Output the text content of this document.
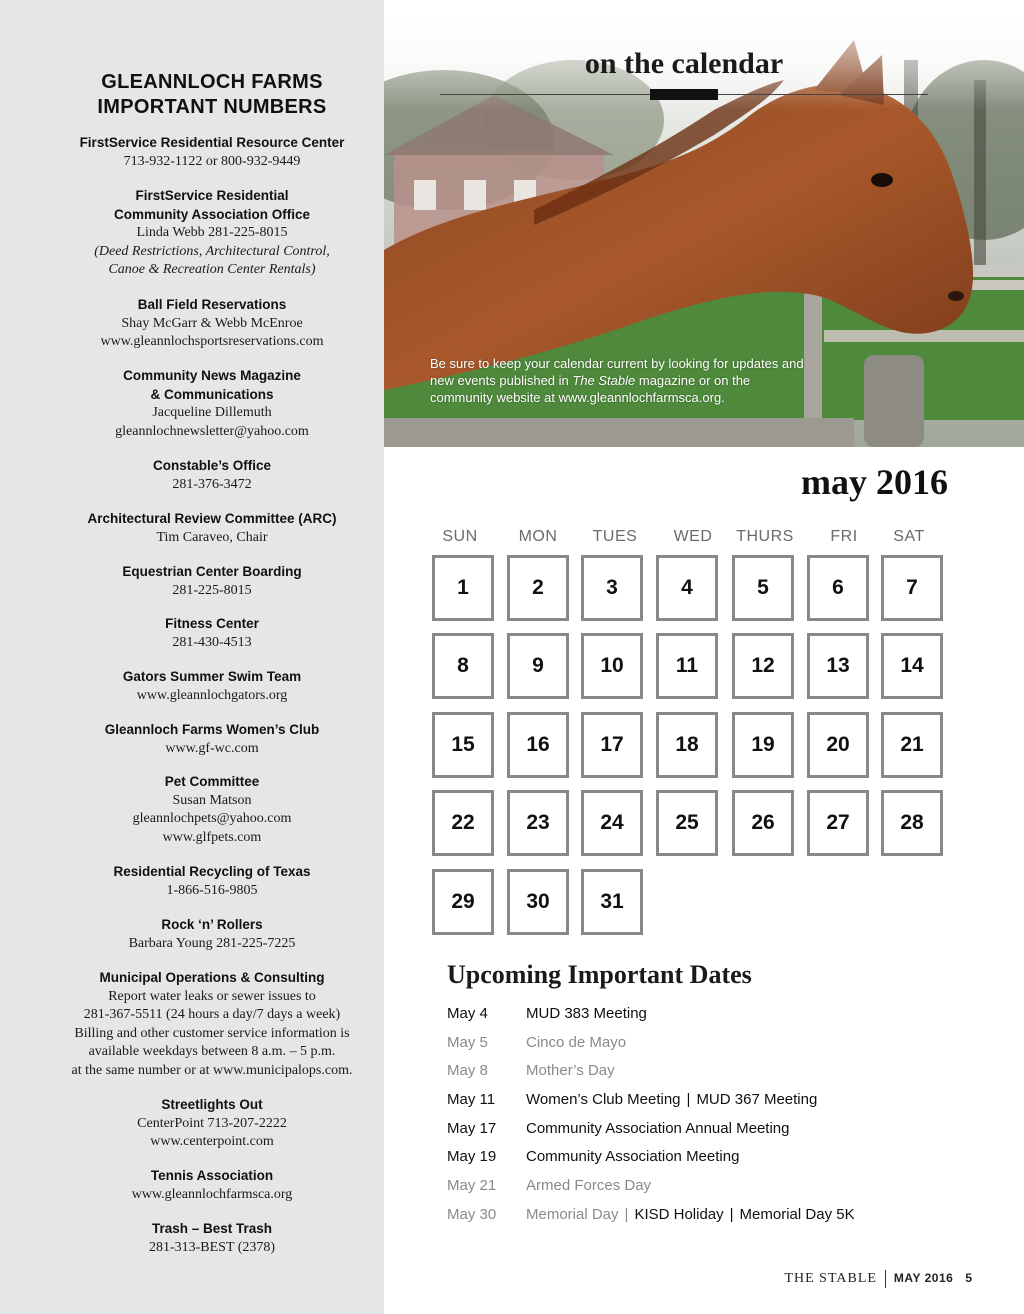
GLEANNLOCH FARMS
IMPORTANT NUMBERS
FirstService Residential Resource Center
713-932-1122 or 800-932-9449
FirstService Residential
Community Association Office
Linda Webb 281-225-8015
(Deed Restrictions, Architectural Control,
Canoe & Recreation Center Rentals)
Ball Field Reservations
Shay McGarr & Webb McEnroe
www.gleannlochsportsreservations.com
Community News Magazine
& Communications
Jacqueline Dillemuth
gleannlochnewsletter@yahoo.com
Constable’s Office
281-376-3472
Architectural Review Committee (ARC)
Tim Caraveo, Chair
Equestrian Center Boarding
281-225-8015
Fitness Center
281-430-4513
Gators Summer Swim Team
www.gleannlochgators.org
Gleannloch Farms Women’s Club
www.gf-wc.com
Pet Committee
Susan Matson
gleannlochpets@yahoo.com
www.glfpets.com
Residential Recycling of Texas
1-866-516-9805
Rock ‘n’ Rollers
Barbara Young 281-225-7225
Municipal Operations & Consulting
Report water leaks or sewer issues to
281-367-5511 (24 hours a day/7 days a week)
Billing and other customer service information is
available weekdays between 8 a.m. – 5 p.m.
at the same number or at www.municipalops.com.
Streetlights Out
CenterPoint 713-207-2222
www.centerpoint.com
Tennis Association
www.gleannlochfarmsca.org
Trash – Best Trash
281-313-BEST (2378)
Be sure to keep your calendar current by looking for updates and new events published in The Stable magazine or on the community website at www.gleannlochfarmsca.org.
on the calendar
may 2016
SUN	MON	TUES	WED	THURS	FRI	SAT
1	2	3	4	5	6	7
8	9	10	11	12	13	14
15	16	17	18	19	20	21
22	23	24	25	26	27	28
29	30	31
Upcoming Important Dates
May 4	MUD 383 Meeting
May 5	Cinco de Mayo
May 8	Mother’s Day
May 11 Women’s Club Meeting | MUD 367 Meeting
May 17 Community Association Annual Meeting
May 19 Community Association Meeting
May 21 Armed Forces Day
May 30 Memorial Day | KISD Holiday | Memorial Day 5K
THE STABLE MAY 2016 5
